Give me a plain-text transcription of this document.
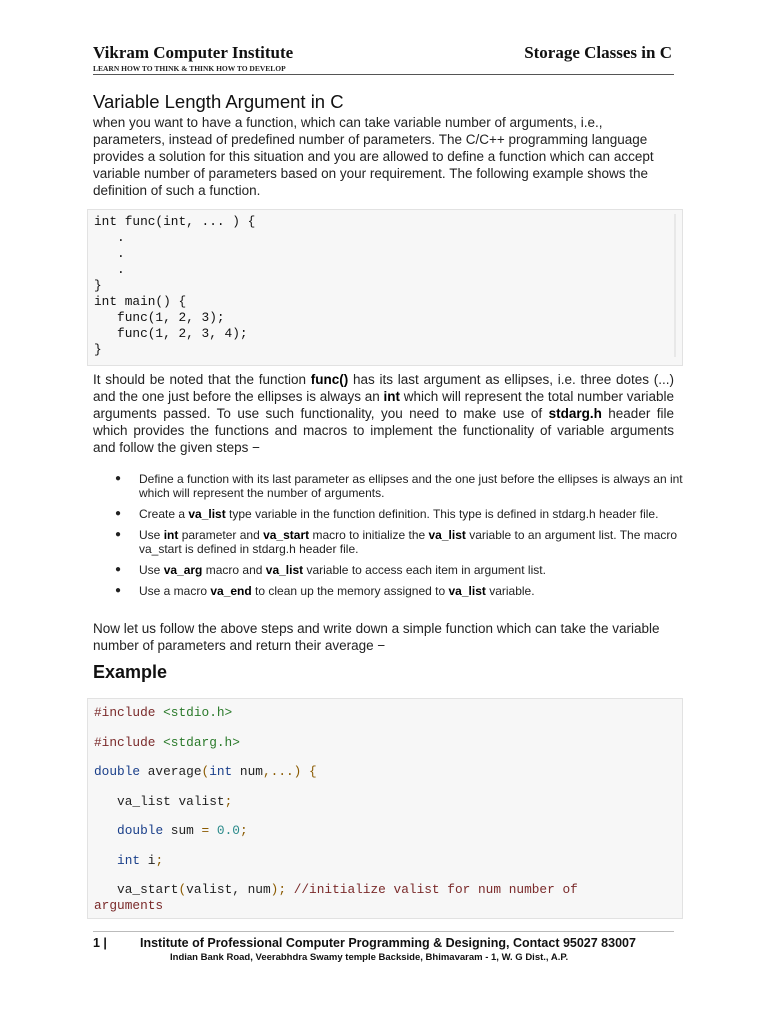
Vikram Computer Institute
LEARN HOW TO THINK & THINK HOW TO DEVELOP
Storage Classes in C
Variable Length Argument in C
when you want to have a function, which can take variable number of arguments, i.e., parameters, instead of predefined number of parameters. The C/C++ programming language provides a solution for this situation and you are allowed to define a function which can accept variable number of parameters based on your requirement. The following example shows the definition of such a function.
int func(int, ... ) {
.
.
.
}
int main() {
func(1, 2, 3);
func(1, 2, 3, 4);
}
It should be noted that the function func() has its last argument as ellipses, i.e. three dotes (...) and the one just before the ellipses is always an int which will represent the total number variable arguments passed. To use such functionality, you need to make use of stdarg.h header file which provides the functions and macros to implement the functionality of variable arguments and follow the given steps −
● Define a function with its last parameter as ellipses and the one just before the ellipses is always an int which will represent the number of arguments.
● Create a va_list type variable in the function definition. This type is defined in stdarg.h header file.
● Use int parameter and va_start macro to initialize the va_list variable to an argument list. The macro va_start is defined in stdarg.h header file.
● Use va_arg macro and va_list variable to access each item in argument list.
● Use a macro va_end to clean up the memory assigned to va_list variable.
Now let us follow the above steps and write down a simple function which can take the variable number of parameters and return their average −
Example
#include <stdio.h>
#include <stdarg.h>
double average(int num,...) {
va_list valist;
double sum = 0.0;
int i;
va_start(valist, num); //initialize valist for num number of
arguments
1 |	Institute of Professional Computer Programming & Designing, Contact 95027 83007
Indian Bank Road, Veerabhdra Swamy temple Backside, Bhimavaram - 1, W. G Dist., A.P.
